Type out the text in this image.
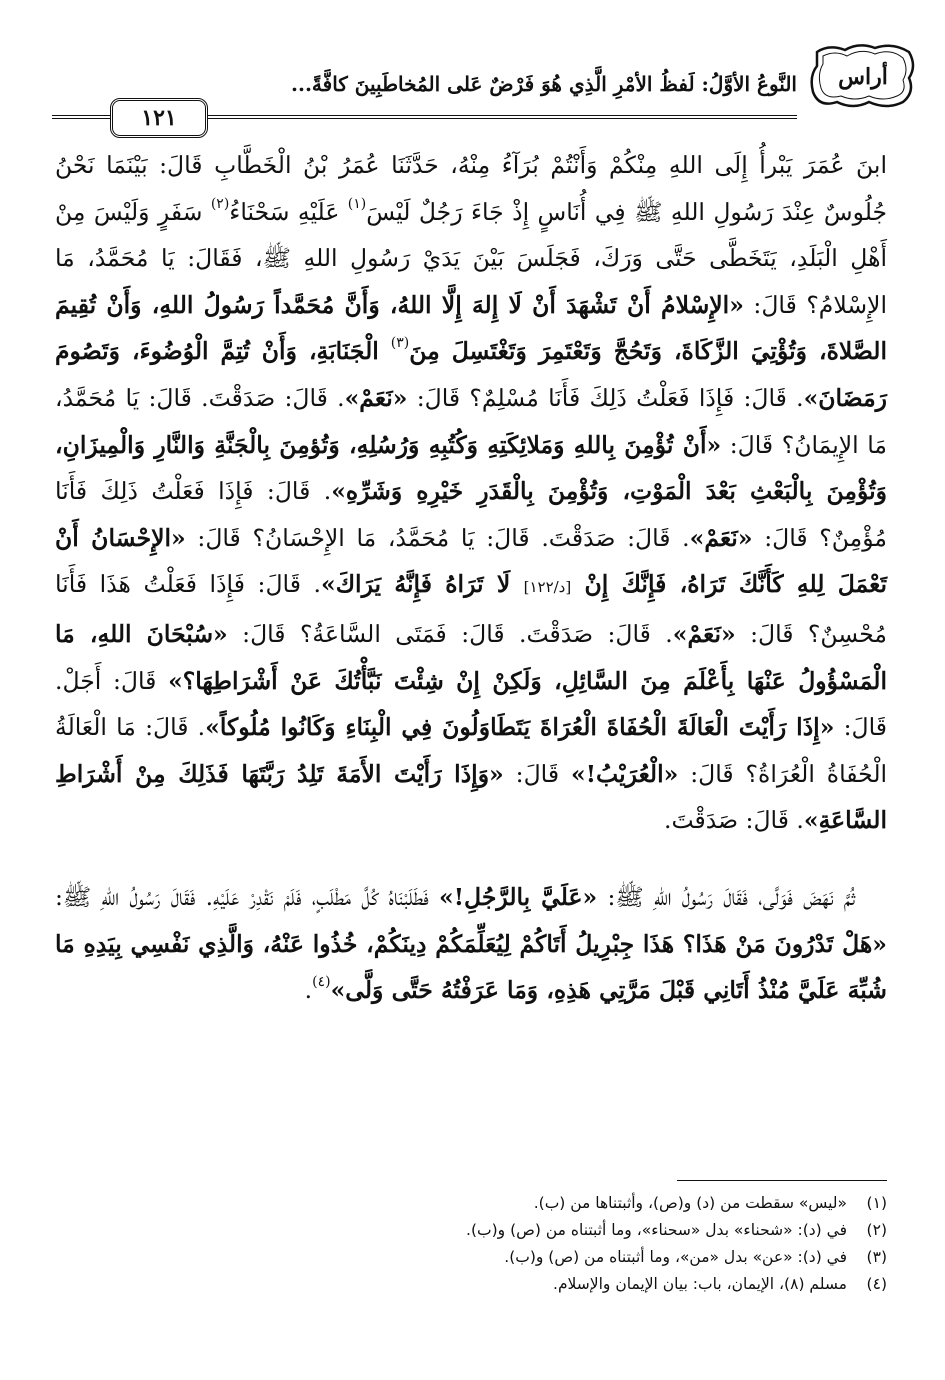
أراس
النَّوعُ الأوَّلُ: لَفظُ الأمْرِ الَّذِي هُوَ فَرْضٌ عَلى المُخاطَبِينَ كافَّةً...
١٢١

ابنَ عُمَرَ يَبْرأُ إِلَى اللهِ مِنْكُمْ وَأَنْتُمْ بُرَآءُ مِنْهُ، حَدَّثَنَا عُمَرُ بْنُ الْخَطَّابِ قَالَ: بَيْنَمَا نَحْنُ جُلُوسٌ عِنْدَ رَسُولِ اللهِ ﷺ فِي أُنَاسٍ إِذْ جَاءَ رَجُلٌ لَيْسَ$^{(١)}$ عَلَيْهِ سَحْنَاءُ$^{(٢)}$ سَفَرٍ وَلَيْسَ مِنْ أَهْلِ الْبَلَدِ، يَتَخَطَّى حَتَّى وَرَكَ، فَجَلَسَ بَيْنَ يَدَيْ رَسُولِ اللهِ ﷺ، فَقَالَ: يَا مُحَمَّدُ، مَا الإِسْلامُ؟ قَالَ: «الإِسْلامُ أَنْ تَشْهَدَ أَنْ لَا إِلهَ إِلَّا اللهُ، وَأَنَّ مُحَمَّداً رَسُولُ اللهِ، وَأَنْ تُقِيمَ الصَّلاةَ، وَتُؤْتِيَ الزَّكَاةَ، وَتَحُجَّ وَتَعْتَمِرَ وَتَغْتَسِلَ مِنَ$^{(٣)}$ الْجَنَابَةِ، وَأَنْ تُتِمَّ الْوُضُوءَ، وَتَصُومَ رَمَضَانَ». قَالَ: فَإِذَا فَعَلْتُ ذَلِكَ فَأَنَا مُسْلِمٌ؟ قَالَ: «نَعَمْ». قَالَ: صَدَقْتَ. قَالَ: يَا مُحَمَّدُ، مَا الإِيمَانُ؟ قَالَ: «أَنْ تُؤْمِنَ بِاللهِ وَمَلائِكَتِهِ وَكُتُبِهِ وَرُسُلِهِ، وَتُؤمِنَ بِالْجَنَّةِ وَالنَّارِ وَالْمِيزَانِ، وَتُؤْمِنَ بِالْبَعْثِ بَعْدَ الْمَوْتِ، وَتُؤْمِنَ بِالْقَدَرِ خَيْرِهِ وَشَرِّهِ». قَالَ: فَإِذَا فَعَلْتُ ذَلِكَ فَأَنَا مُؤْمِنٌ؟ قَالَ: «نَعَمْ». قَالَ: صَدَقْتَ. قَالَ: يَا مُحَمَّدُ، مَا الإِحْسَانُ؟ قَالَ: «الإِحْسَانُ أَنْ تَعْمَلَ لِلهِ كَأَنَّكَ تَرَاهُ، فَإِنَّكَ إِنْ [د/١٢٢] لَا تَرَاهُ فَإِنَّهُ يَرَاكَ». قَالَ: فَإِذَا فَعَلْتُ هَذَا فَأَنَا مُحْسِنٌ؟ قَالَ: «نَعَمْ». قَالَ: صَدَقْتَ. قَالَ: فَمَتَى السَّاعَةُ؟ قَالَ: «سُبْحَانَ اللهِ، مَا الْمَسْؤُولُ عَنْهَا بِأَعْلَمَ مِنَ السَّائِلِ، وَلَكِنْ إِنْ شِئْتَ نَبَّأْتُكَ عَنْ أَشْرَاطِهَا؟» قَالَ: أَجَلْ. قَالَ: «إِذَا رَأَيْتَ الْعَالَةَ الْحُفَاةَ الْعُرَاةَ يَتَطَاوَلُونَ فِي الْبِنَاءِ وَكَانُوا مُلُوكاً». قَالَ: مَا الْعَالَةُ الْحُفَاةُ الْعُرَاةُ؟ قَالَ: «الْعُرَيْبُ!» قَالَ: «وَإِذَا رَأَيْتَ الأَمَةَ تَلِدُ رَبَّتَهَا فَذَلِكَ مِنْ أَشْرَاطِ السَّاعَةِ». قَالَ: صَدَقْتَ.

ثُمَّ نَهَضَ فَوَلَّى، فَقَالَ رَسُولُ اللهِ ﷺ: «عَلَيَّ بِالرَّجُلِ!» فَطَلَبْنَاهُ كُلَّ مَطْلَبٍ، فَلَمْ نَقْدِرْ عَلَيْهِ. فَقَالَ رَسُولُ اللهِ ﷺ: «هَلْ تَدْرُونَ مَنْ هَذَا؟ هَذَا جِبْرِيلُ أَتَاكُمْ لِيُعَلِّمَكُمْ دِينَكُمْ، خُذُوا عَنْهُ، وَالَّذِي نَفْسِي بِيَدِهِ مَا شُبِّهَ عَلَيَّ مُنْذُ أَتَانِي قَبْلَ مَرَّتِي هَذِهِ، وَمَا عَرَفْتُهُ حَتَّى وَلَّى»$^{(٤)}$.

(١)
«ليس» سقطت من (د) و(ص)، وأثبتناها من (ب).
(٢)
في (د): «شحناء» بدل «سحناء»، وما أثبتناه من (ص) و(ب).
(٣)
في (د): «عن» بدل «من»، وما أثبتناه من (ص) و(ب).
(٤)
مسلم (٨)، الإيمان، باب: بيان الإيمان والإسلام.
